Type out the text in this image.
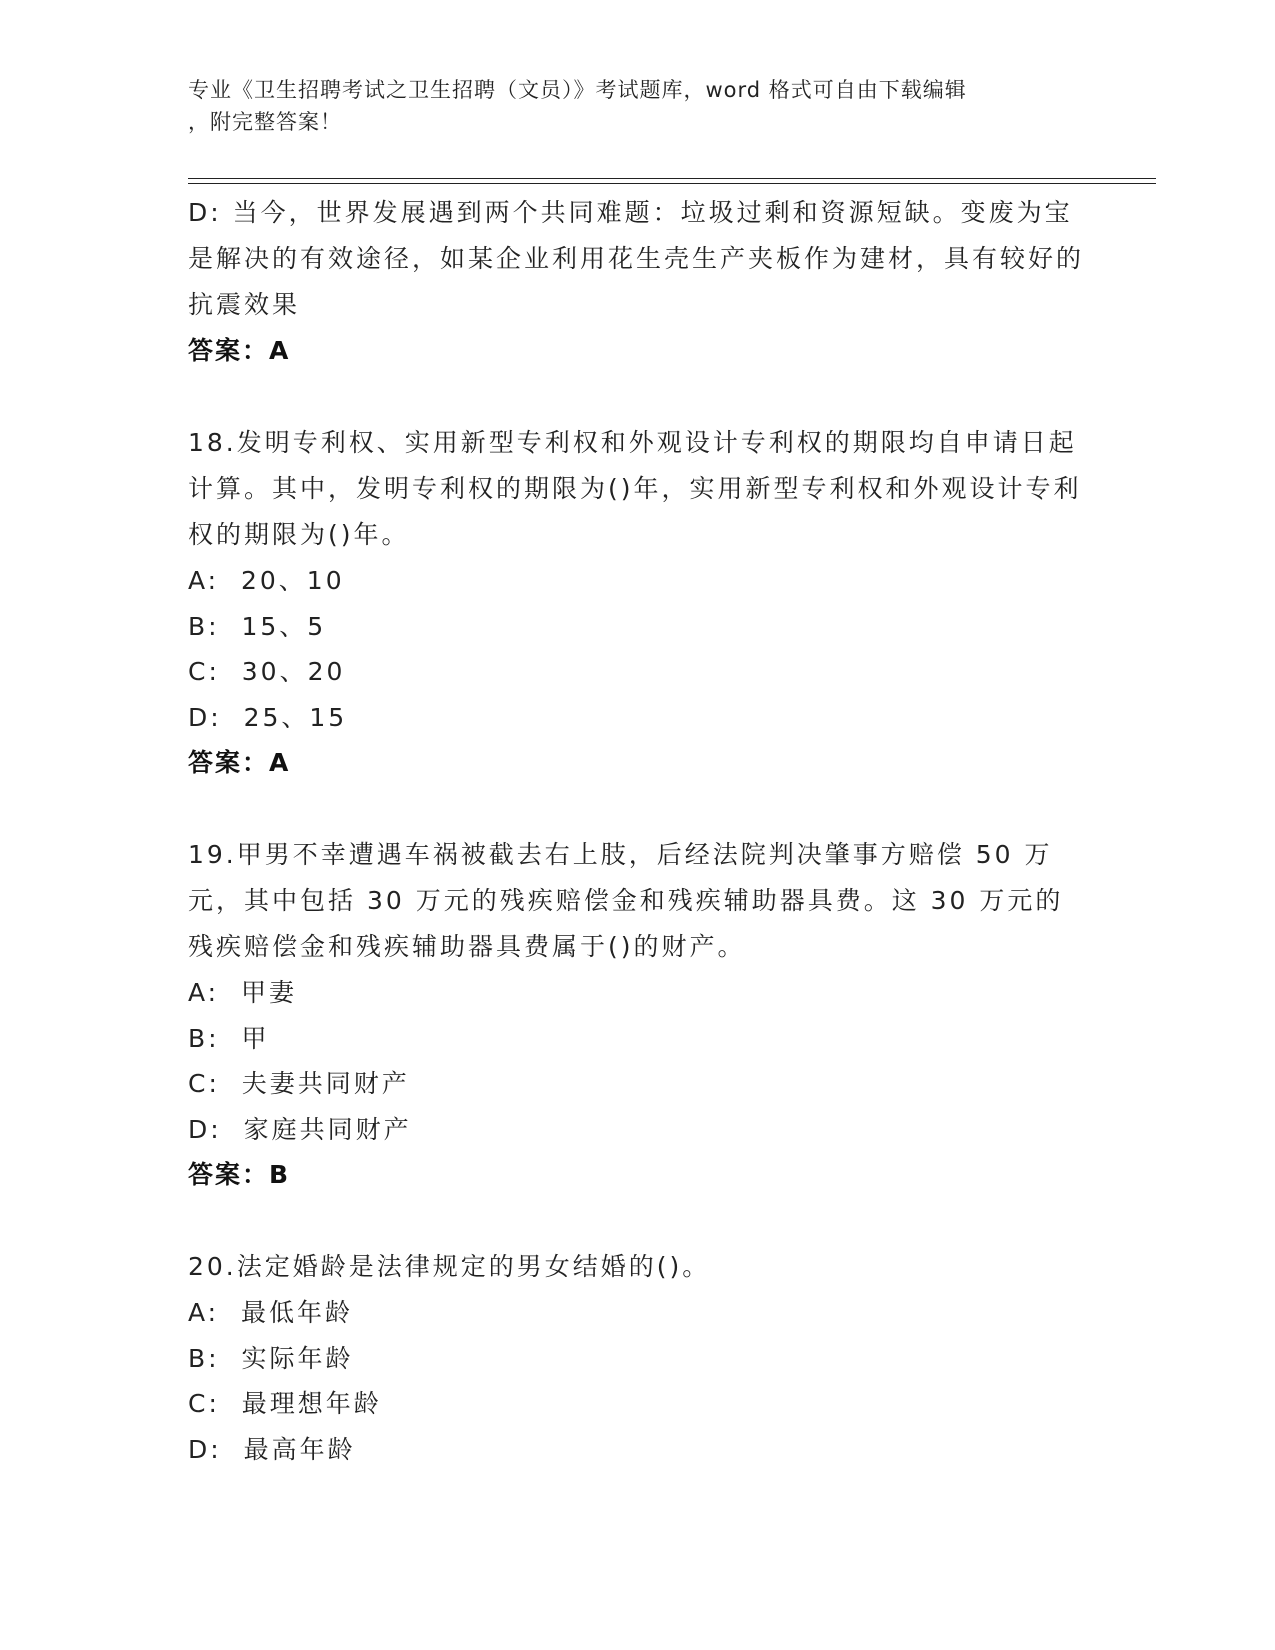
专业《卫生招聘考试之卫生招聘（文员）》考试题库，word 格式可自由下载编辑
，附完整答案！

D: 当今，世界发展遇到两个共同难题：垃圾过剩和资源短缺。变废为宝是解决的有效途径，如某企业利用花生壳生产夹板作为建材，具有较好的抗震效果

答案：A

18.发明专利权、实用新型专利权和外观设计专利权的期限均自申请日起计算。其中，发明专利权的期限为()年，实用新型专利权和外观设计专利权的期限为()年。

A:  20、10

B:  15、5

C:  30、20

D:  25、15

答案：A

19.甲男不幸遭遇车祸被截去右上肢，后经法院判决肇事方赔偿 50 万元，其中包括 30 万元的残疾赔偿金和残疾辅助器具费。这 30 万元的残疾赔偿金和残疾辅助器具费属于()的财产。

A:  甲妻

B:  甲

C:  夫妻共同财产

D:  家庭共同财产

答案：B

20.法定婚龄是法律规定的男女结婚的()。

A:  最低年龄

B:  实际年龄

C:  最理想年龄

D:  最高年龄
